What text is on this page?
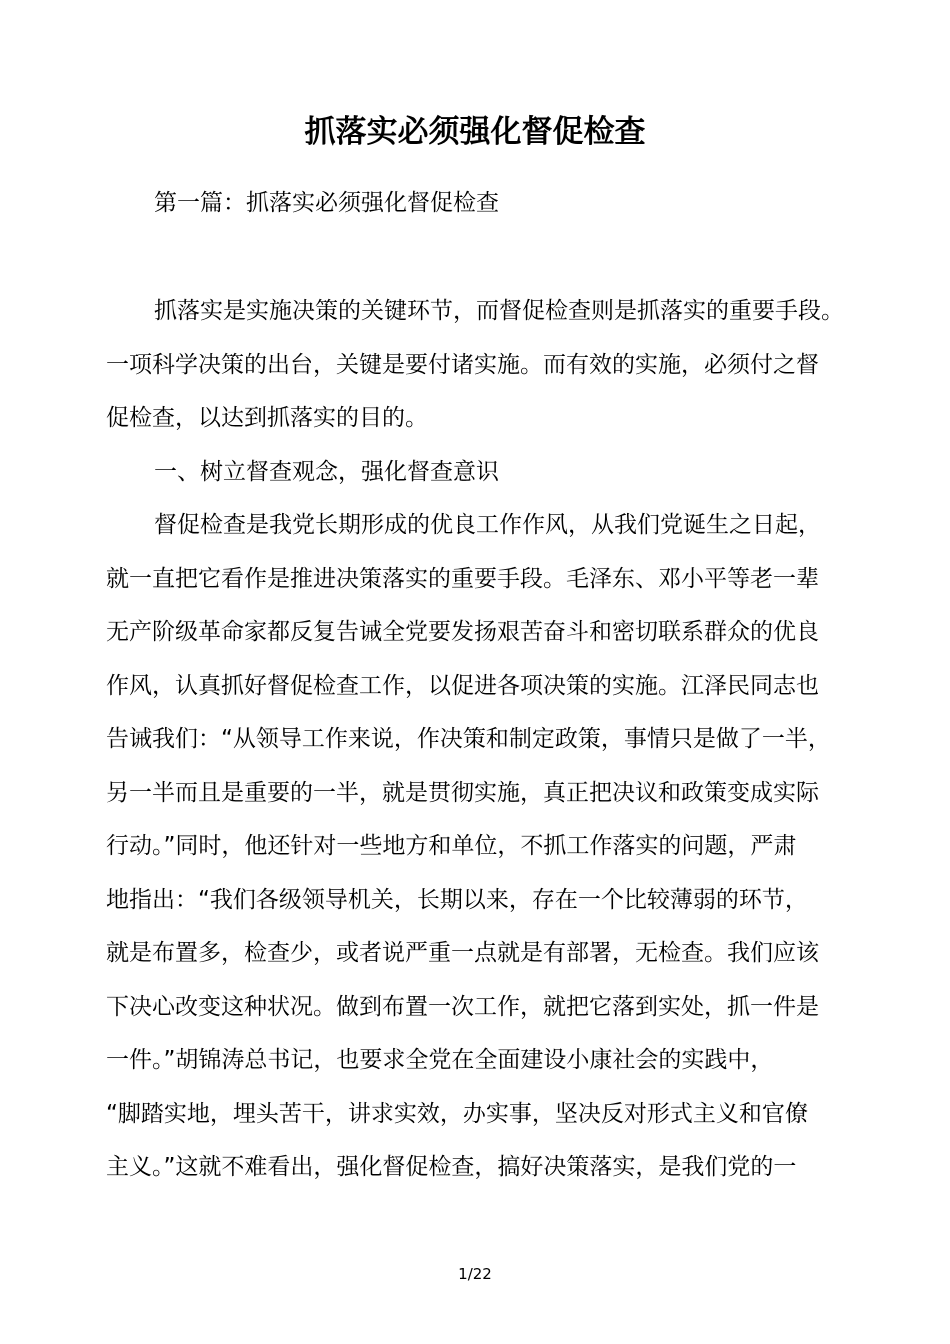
抓落实必须强化督促检查
第一篇：抓落实必须强化督促检查
抓落实是实施决策的关键环节，而督促检查则是抓落实的重要手段。
一项科学决策的出台，关键是要付诸实施。而有效的实施，必须付之督
促检查，以达到抓落实的目的。
一、树立督查观念，强化督查意识
督促检查是我党长期形成的优良工作作风，从我们党诞生之日起，
就一直把它看作是推进决策落实的重要手段。毛泽东、邓小平等老一辈
无产阶级革命家都反复告诫全党要发扬艰苦奋斗和密切联系群众的优良
作风，认真抓好督促检查工作，以促进各项决策的实施。江泽民同志也
告诫我们：“从领导工作来说，作决策和制定政策，事情只是做了一半，
另一半而且是重要的一半，就是贯彻实施，真正把决议和政策变成实际
行动。”同时，他还针对一些地方和单位，不抓工作落实的问题，严肃
地指出：“我们各级领导机关，长期以来，存在一个比较薄弱的环节，
就是布置多，检查少，或者说严重一点就是有部署，无检查。我们应该
下决心改变这种状况。做到布置一次工作，就把它落到实处，抓一件是
一件。”胡锦涛总书记，也要求全党在全面建设小康社会的实践中，
“脚踏实地，埋头苦干，讲求实效，办实事，坚决反对形式主义和官僚
主义。”这就不难看出，强化督促检查，搞好决策落实，是我们党的一
1/22
